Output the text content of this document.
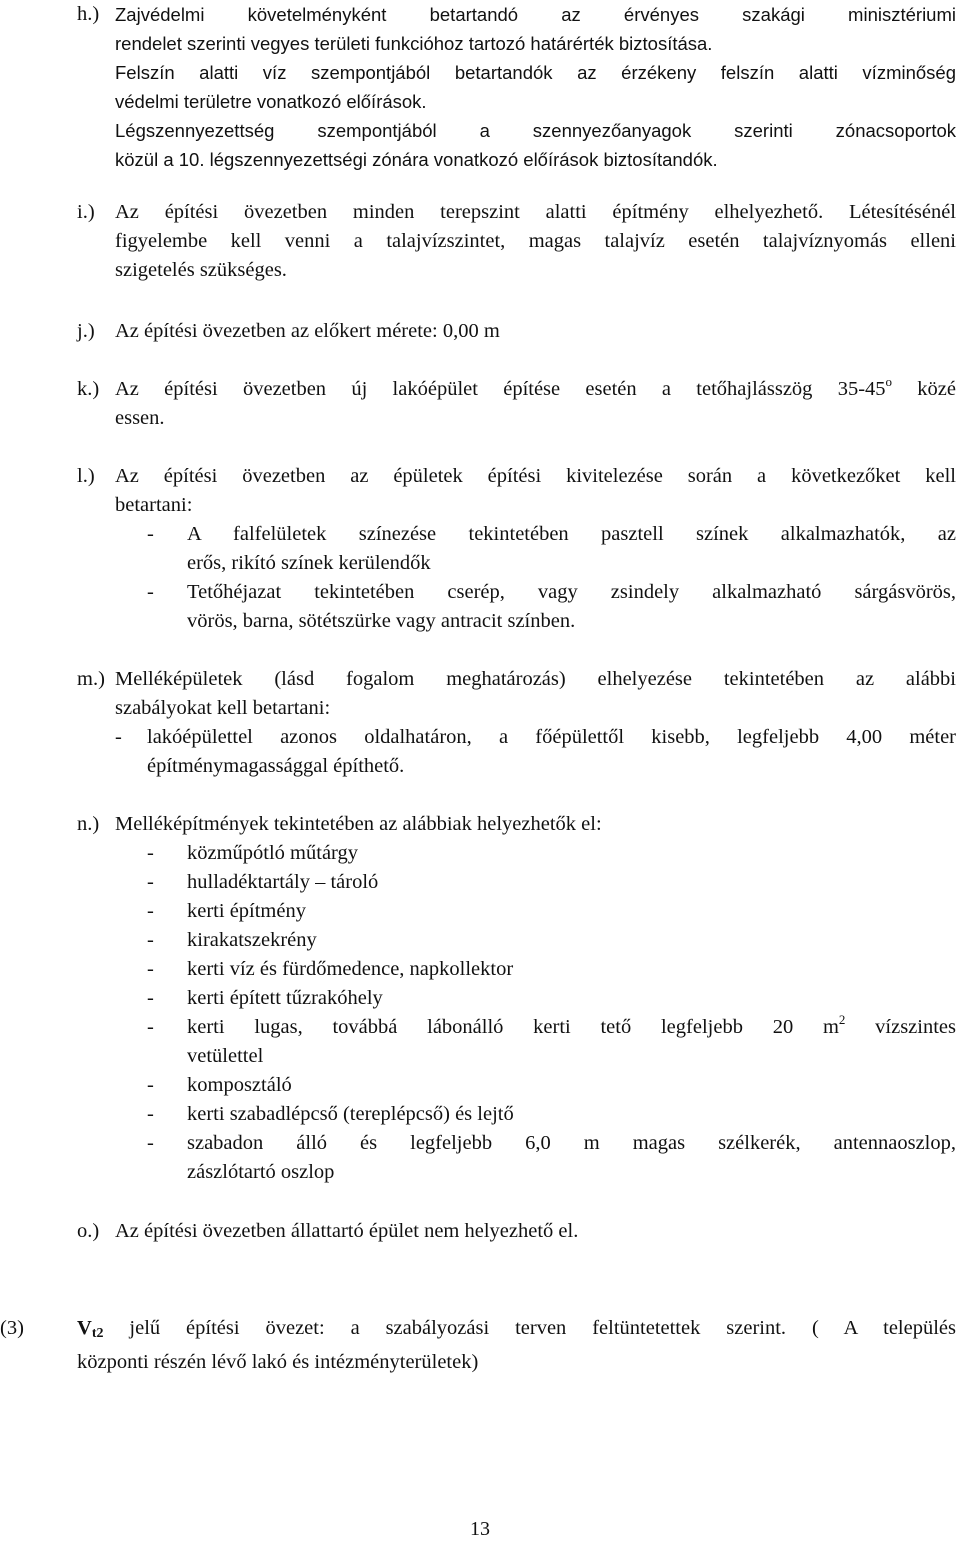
h.) Zajvédelmi követelményként betartandó az érvényes szakági minisztériumi
rendelet szerinti vegyes területi funkcióhoz tartozó határérték biztosítása.
Felszín alatti víz szempontjából betartandók az érzékeny felszín alatti vízminőség
védelmi területre vonatkozó előírások.
Légszennyezettség szempontjából a szennyezőanyagok szerinti zónacsoportok
közül a 10. légszennyezettségi zónára vonatkozó előírások biztosítandók.
i.) Az építési övezetben minden terepszint alatti építmény elhelyezhető. Létesítésénél
figyelembe kell venni a talajvízszintet, magas talajvíz esetén talajvíznyomás elleni
szigetelés szükséges.
j.) Az építési övezetben az előkert mérete: 0,00 m
k.) Az építési övezetben új lakóépület építése esetén a tetőhajlásszög 35-45$^o$ közé
essen.
l.) Az építési övezetben az épületek építési kivitelezése során a következőket kell
betartani:
- A falfelületek színezése tekintetében pasztell színek alkalmazhatók, az
erős, rikító színek kerülendők
- Tetőhéjazat tekintetében cserép, vagy zsindely alkalmazható sárgásvörös,
vörös, barna, sötétszürke vagy antracit színben.
m.) Melléképületek (lásd fogalom meghatározás) elhelyezése tekintetében az alábbi
szabályokat kell betartani:
- lakóépülettel azonos oldalhatáron, a főépülettől kisebb, legfeljebb 4,00 méter
építménymagassággal építhető.
n.) Melléképítmények tekintetében az alábbiak helyezhetők el:
- közműpótló műtárgy
- hulladéktartály – tároló
- kerti építmény
- kirakatszekrény
- kerti víz és fürdőmedence, napkollektor
- kerti épített tűzrakóhely
- kerti lugas, továbbá lábonálló kerti tető legfeljebb 20 $m^2$ vízszintes
vetülettel
- komposztáló
- kerti szabadlépcső (tereplépcső) és lejtő
- szabadon álló és legfeljebb 6,0 m magas szélkerék, antennaoszlop,
zászlótartó oszlop
o.) Az építési övezetben állattartó épület nem helyezhető el.
(3)	$V_{t2}$ jelű építési övezet: a szabályozási terven feltüntetettek szerint. ( A település
központi részén lévő lakó és intézményterületek)
13
